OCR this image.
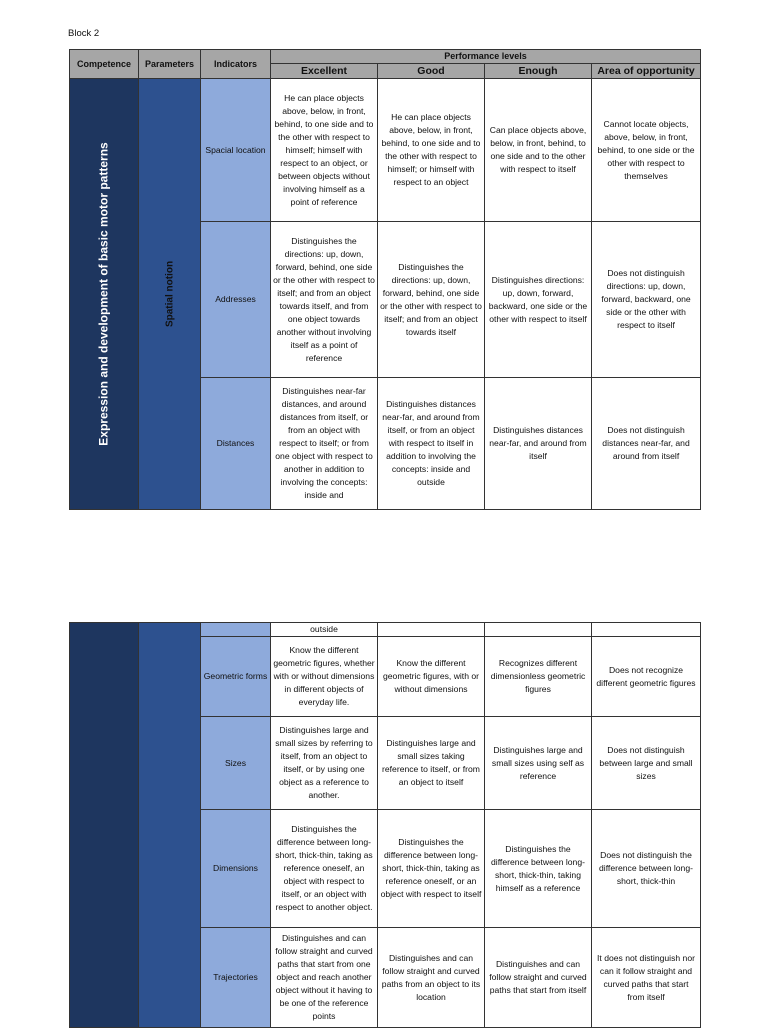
Block 2
Competence	Parameters	Indicators	Performance levels			
			Excellent	Good	Enough	Area of opportunity

Expression and development of basic motor patterns	Spatial notion	Spacial location	He can place objects above, below, in front, behind, to one side and to the other with respect to himself; himself with respect to an object, or between objects without involving himself as a point of reference	He can place objects above, below, in front, behind, to one side and to the other with respect to himself; or himself with respect to an object	Can place objects above, below, in front, behind, to one side and to the other with respect to itself	Cannot locate objects, above, below, in front, behind, to one side or the other with respect to themselves
		Addresses	Distinguishes the directions: up, down, forward, behind, one side or the other with respect to itself; and from an object towards itself, and from one object towards another without involving itself as a point of reference	Distinguishes the directions: up, down, forward, behind, one side or the other with respect to itself; and from an object towards itself	Distinguishes directions: up, down, forward, backward, one side or the other with respect to itself	Does not distinguish directions: up, down, forward, backward, one side or the other with respect to itself
		Distances	Distinguishes near-far distances, and around distances from itself, or from an object with respect to itself; or from one object with respect to another in addition to involving the concepts: inside and	Distinguishes distances near-far, and around from itself, or from an object with respect to itself in addition to involving the concepts: inside and outside	Distinguishes distances near-far, and around from itself	Does not distinguish distances near-far, and around from itself
			outside			
		Geometric forms	Know the different geometric figures, whether with or without dimensions in different objects of everyday life.	Know the different geometric figures, with or without dimensions	Recognizes different dimensionless geometric figures	Does not recognize different geometric figures
		Sizes	Distinguishes large and small sizes by referring to itself, from an object to itself, or by using one object as a reference to another.	Distinguishes large and small sizes taking reference to itself, or from an object to itself	Distinguishes large and small sizes using self as reference	Does not distinguish between large and small sizes
		Dimensions	Distinguishes the difference between long-short, thick-thin, taking as reference oneself, an object with respect to itself, or an object with respect to another object.	Distinguishes the difference between long-short, thick-thin, taking as reference oneself, or an object with respect to itself	Distinguishes the difference between long-short, thick-thin, taking himself as a reference	Does not distinguish the difference between long-short, thick-thin
		Trajectories	Distinguishes and can follow straight and curved paths that start from one object and reach another object without it having to be one of the reference points	Distinguishes and can follow straight and curved paths from an object to its location	Distinguishes and can follow straight and curved paths that start from itself	It does not distinguish nor can it follow straight and curved paths that start from itself
